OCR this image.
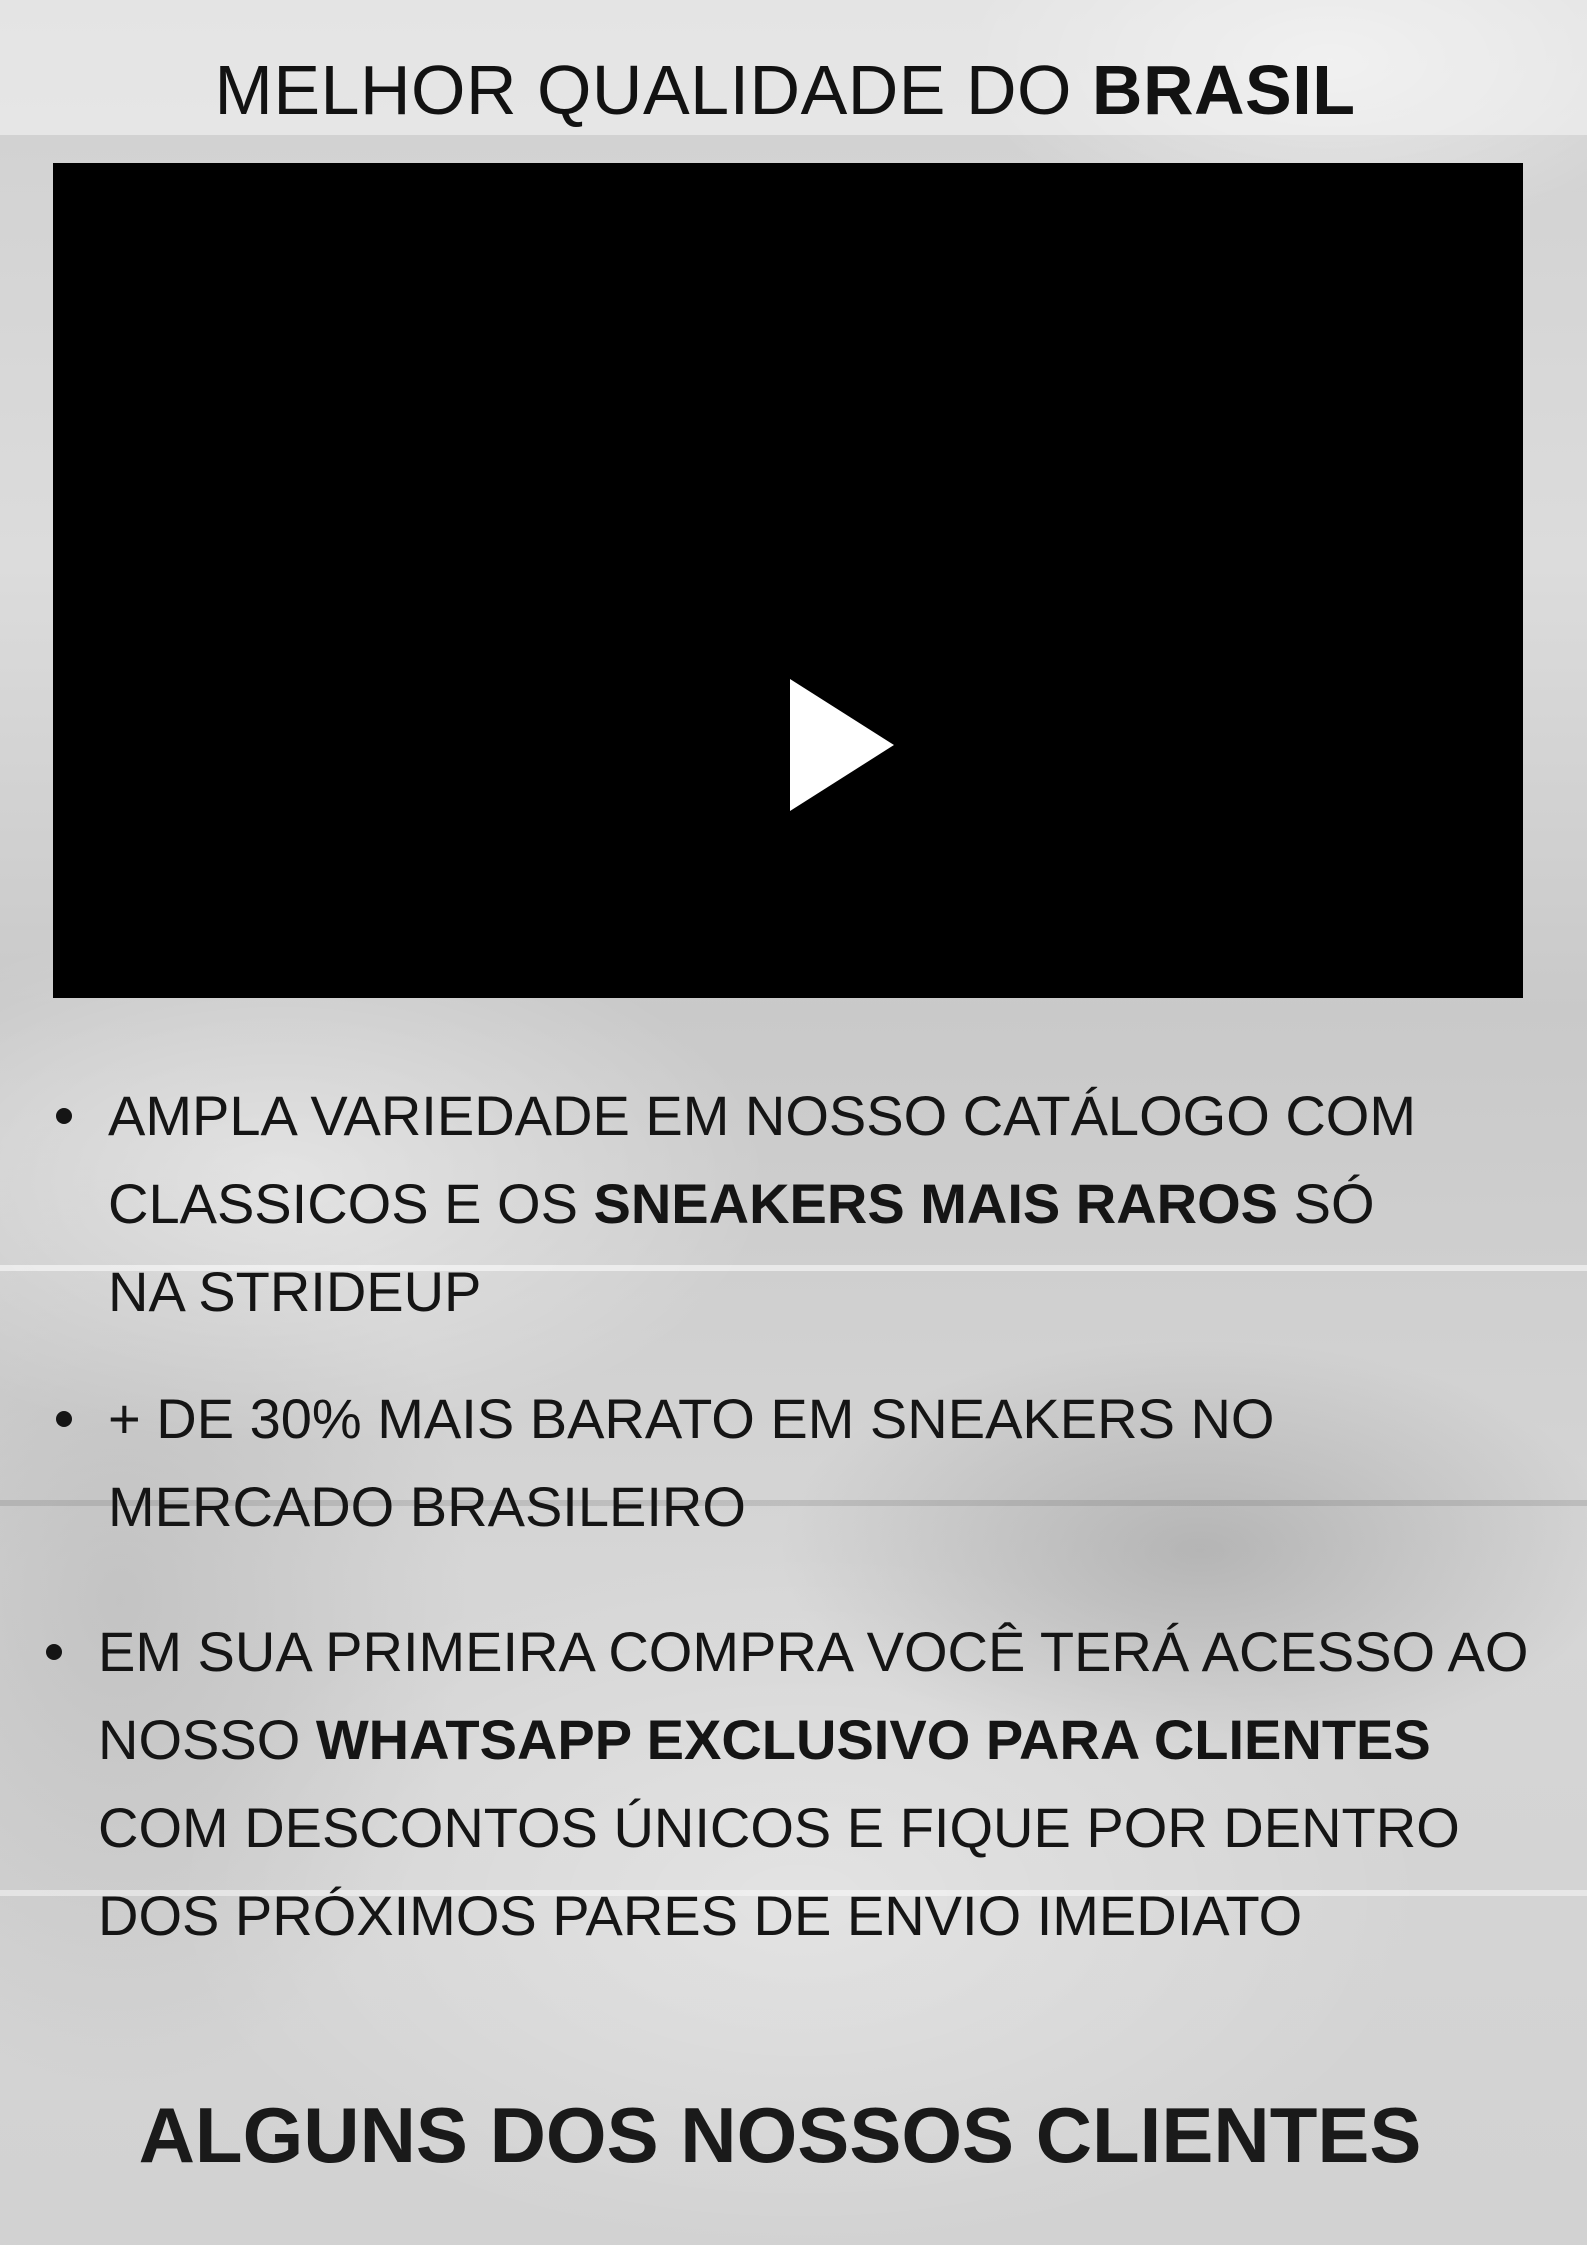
MELHOR QUALIDADE DO BRASIL
AMPLA VARIEDADE EM NOSSO CATÁLOGO COM
CLASSICOS E OS SNEAKERS MAIS RAROS SÓ
NA STRIDEUP
+ DE 30% MAIS BARATO EM SNEAKERS NO
MERCADO BRASILEIRO
EM SUA PRIMEIRA COMPRA VOCÊ TERÁ ACESSO AO
NOSSO WHATSAPP EXCLUSIVO PARA CLIENTES
COM DESCONTOS ÚNICOS E FIQUE POR DENTRO
DOS PRÓXIMOS PARES DE ENVIO IMEDIATO
ALGUNS DOS NOSSOS CLIENTES
